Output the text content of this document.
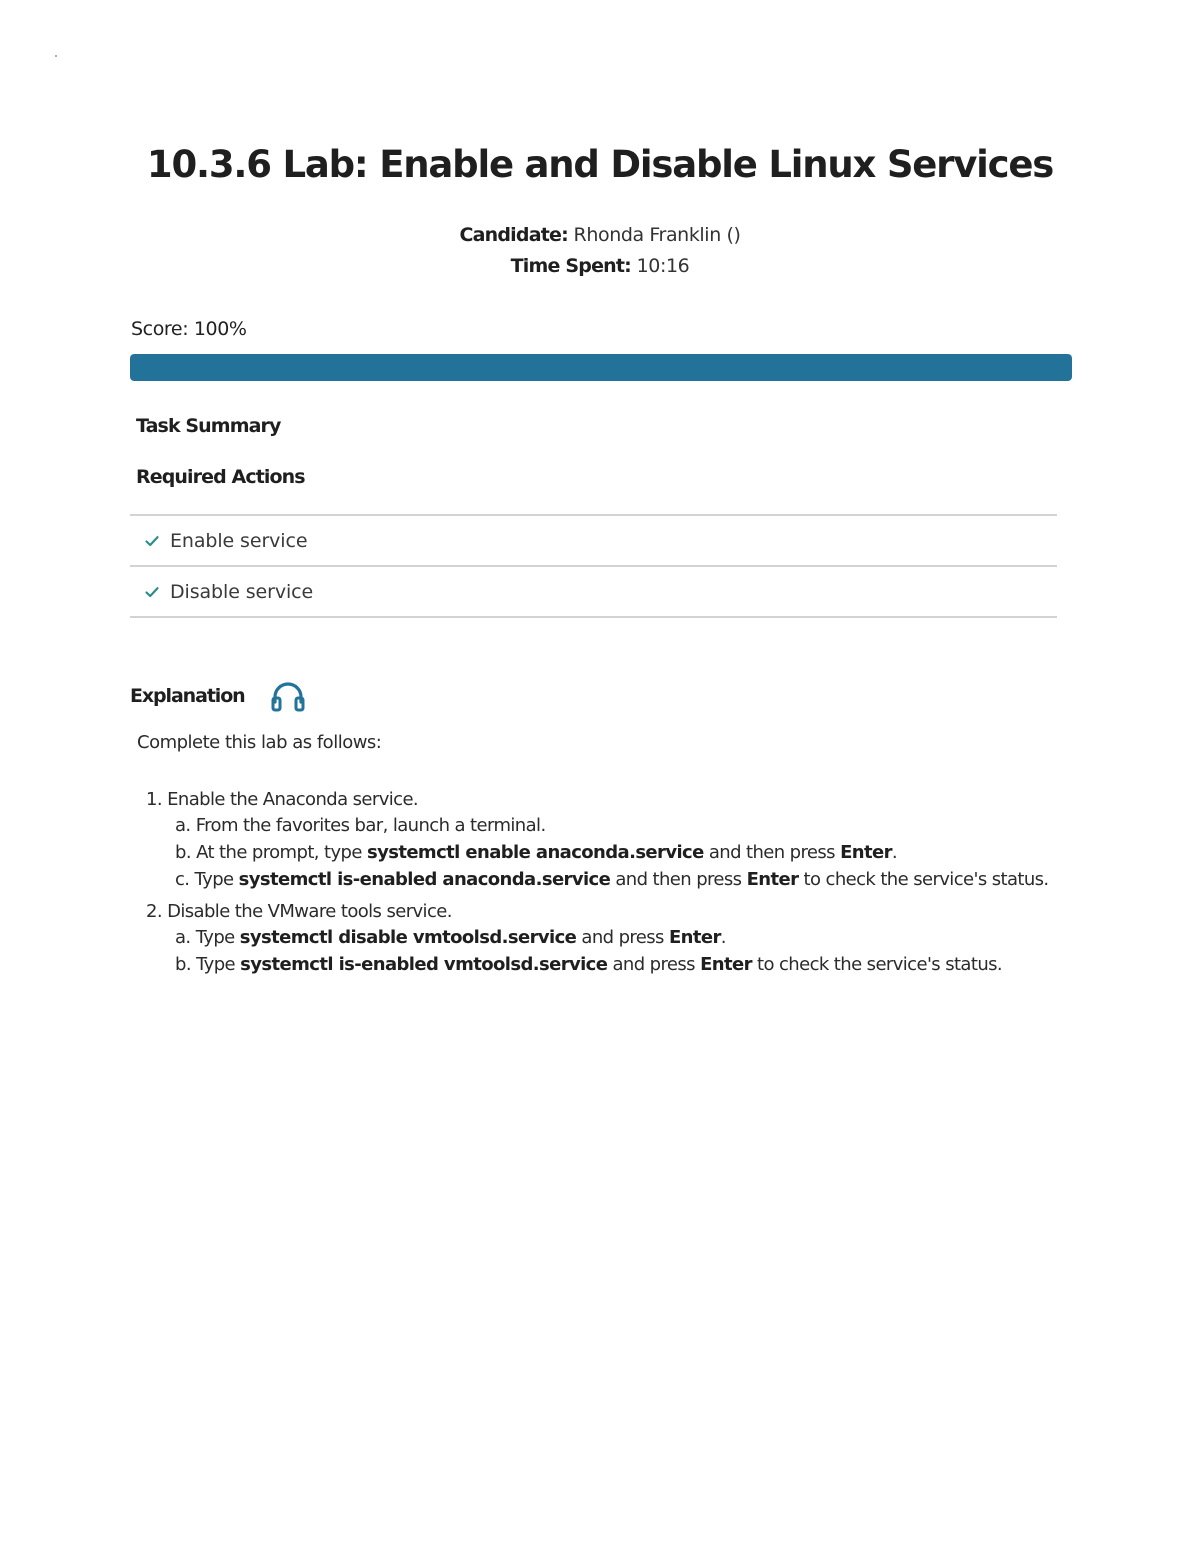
10.3.6 Lab: Enable and Disable Linux Services
Candidate: Rhonda Franklin ()
Time Spent: 10:16
Score: 100%
Task Summary
Required Actions
Enable service
Disable service
Explanation
Complete this lab as follows:
1. Enable the Anaconda service.
a. From the favorites bar, launch a terminal.
b. At the prompt, type systemctl enable anaconda.service and then press Enter.
c. Type systemctl is-enabled anaconda.service and then press Enter to check the service's status.
2. Disable the VMware tools service.
a. Type systemctl disable vmtoolsd.service and press Enter.
b. Type systemctl is-enabled vmtoolsd.service and press Enter to check the service's status.
